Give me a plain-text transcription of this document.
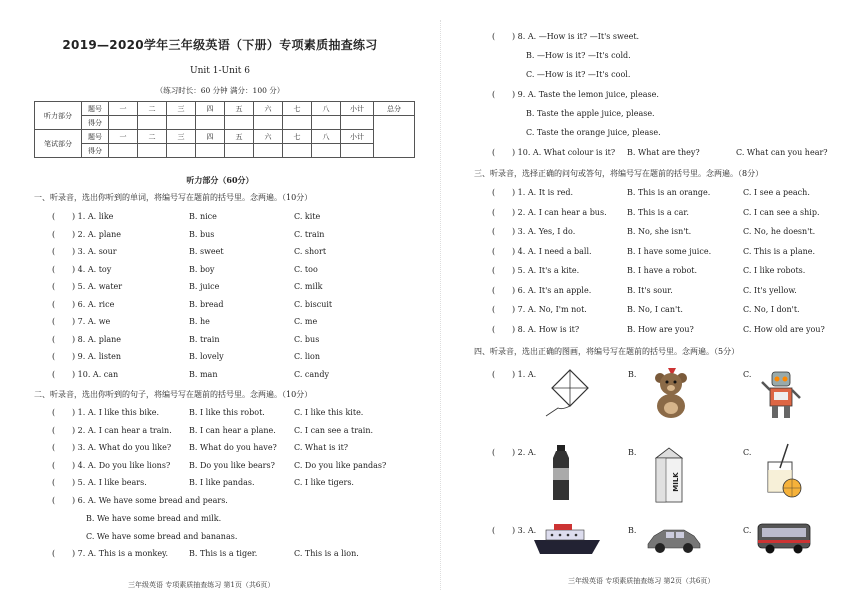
2019—2020学年三年级英语（下册）专项素质抽查练习
Unit 1-Unit 6
（练习时长：60 分钟 满分：100 分）
听力部分	题号	一	二	三	四	五	六	七	八	小计	总分
	得分										
笔试部分	题号	一	二	三	四	五	六	七	八	小计	
	得分										
听力部分（60分）
一、听录音，选出你听到的单词，将编号写在题前的括号里。念两遍。（10分）
( ) 1. A. like	B. nice	C. kite
( ) 2. A. plane	B. bus	C. train
( ) 3. A. sour	B. sweet	C. short
( ) 4. A. toy	B. boy	C. too
( ) 5. A. water	B. juice	C. milk
( ) 6. A. rice	B. bread	C. biscuit
( ) 7. A. we	B. he	C. me
( ) 8. A. plane	B. train	C. bus
( ) 9. A. listen	B. lovely	C. lion
( ) 10. A. can	B. man	C. candy
二、听录音，选出你听到的句子，将编号写在题前的括号里。念两遍。（10分）
( ) 1. A. I like this bike.	B. I like this robot.	C. I like this kite.
( ) 2. A. I can hear a train. B. I can hear a plane. C. I can see a train.
( ) 3. A. What do you like? B. What do you have? C. What is it?
( ) 4. A. Do you like lions? B. Do you like bears? C. Do you like pandas?
( ) 5. A. I like bears.	B. I like pandas.	C. I like tigers.
( ) 6. A. We have some bread and pears.
B. We have some bread and milk.
C. We have some bread and bananas.
( ) 7. A. This is a monkey.	B. This is a tiger.	C. This is a lion.
三年级英语 专项素质抽查练习 第1页（共6页）
( ) 8. A. —How is it? —It's sweet.
B. —How is it? —It's cold.
C. —How is it? —It's cool.
( ) 9. A. Taste the lemon juice, please.
B. Taste the apple juice, please.
C. Taste the orange juice, please.
( ) 10. A. What colour is it? B. What are they?	C. What can you hear?
三、听录音，选择正确的问句或答句，将编号写在题前的括号里。念两遍。（8分）
( ) 1. A. It is red.	B. This is an orange.	C. I see a peach.
( ) 2. A. I can hear a bus.	B. This is a car.	C. I can see a ship.
( ) 3. A. Yes, I do.	B. No, she isn't.	C. No, he doesn't.
( ) 4. A. I need a ball.	B. I have some juice.	C. This is a plane.
( ) 5. A. It's a kite.	B. I have a robot.	C. I like robots.
( ) 6. A. It's an apple.	B. It's sour.	C. It's yellow.
( ) 7. A. No, I'm not.	B. No, I can't.	C. No, I don't.
( ) 8. A. How is it?	B. How are you?	C. How old are you?
四、听录音，选出正确的图画，将编号写在题前的括号里。念两遍。（5分）
( ) 1. A.	B.	C.
( ) 2. A.	B.	C.
( ) 3. A.	B.	C.
MILK
三年级英语 专项素质抽查练习 第2页（共6页）
